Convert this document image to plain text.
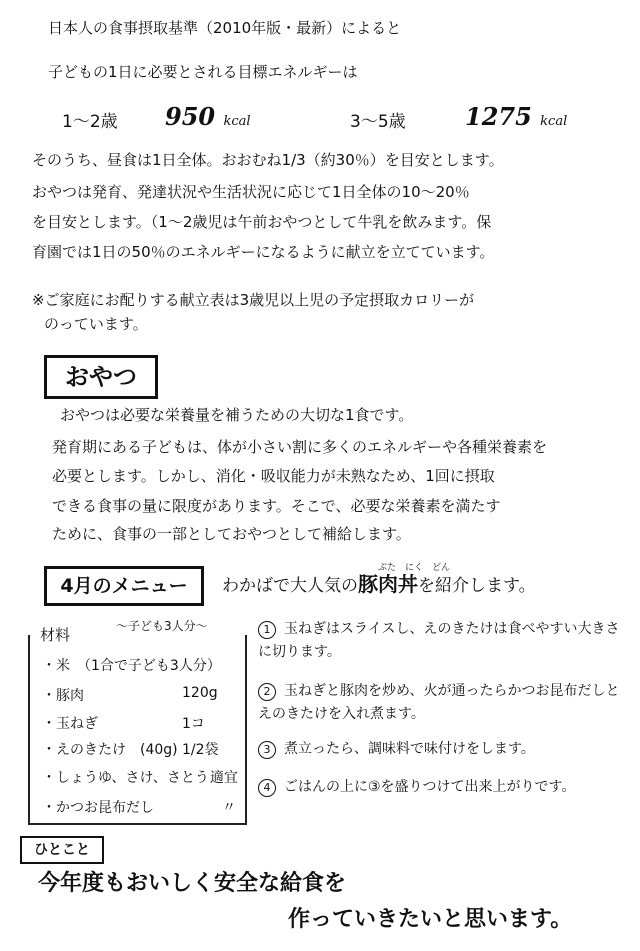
日本人の食事摂取基準（2010年版・最新）によると
子どもの1日に必要とされる目標エネルギーは
1～2歳 950 kcal	3～5歳 1275 kcal
そのうち、昼食は1日全体。おおむね1/3（約30％）を目安とします。
おやつは発育、発達状況や生活状況に応じて1日全体の10～20％
を目安とします。（1～2歳児は午前おやつとして牛乳を飲みます。保
育園では1日の50％のエネルギーになるように献立を立てています。
※ご家庭にお配りする献立表は3歳児以上児の予定摂取カロリーが
のっています。
おやつ
おやつは必要な栄養量を補うための大切な1食です。
発育期にある子どもは、体が小さい割に多くのエネルギーや各種栄養素を
必要とします。しかし、消化・吸収能力が未熟なため、1回に摂取
できる食事の量に限度があります。そこで、必要な栄養素を満たす
ために、食事の一部としておやつとして補給します。
4月のメニュー	わかばで大人気の豚肉丼を紹介します。
ぶた　にく　どん
材料	～子ども3人分～
・米　（1合で子ども3人分）
・豚肉	120g
・玉ねぎ	1コ
・えのきたけ　(40g) 1/2袋
・しょうゆ、さけ、さとう 適宜
・かつお昆布だし	〃
1 玉ねぎはスライスし、えのきたけは食べやすい大きさに切ります。
2 玉ねぎと豚肉を炒め、火が通ったらかつお昆布だしとえのきたけを入れ煮ます。
3 煮立ったら、調味料で味付けをします。
4 ごはんの上に③を盛りつけて出来上がりです。
ひとこと
今年度もおいしく安全な給食を
作っていきたいと思います。
